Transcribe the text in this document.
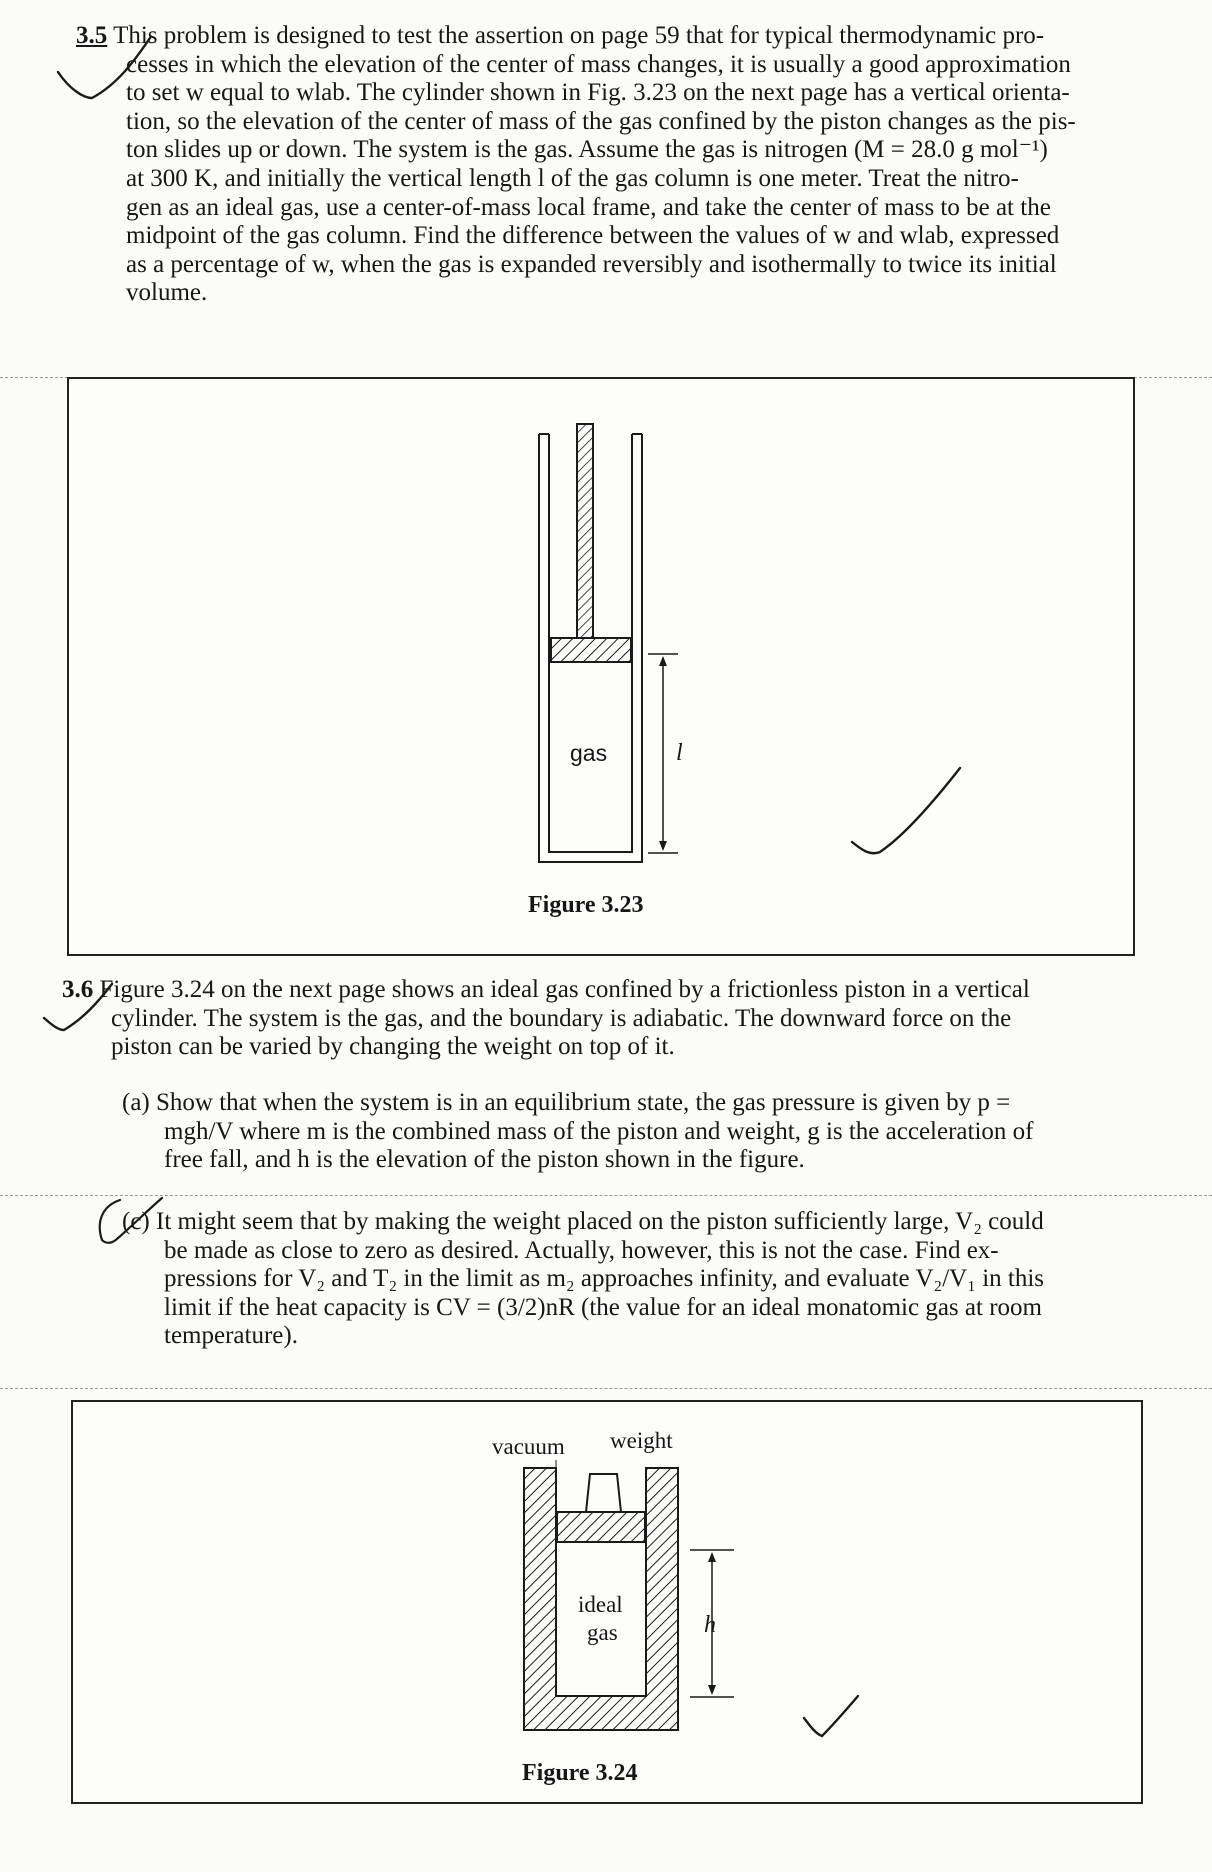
3.5 This problem is designed to test the assertion on page 59 that for typical thermodynamic pro-
cesses in which the elevation of the center of mass changes, it is usually a good approximation
to set w equal to wlab. The cylinder shown in Fig. 3.23 on the next page has a vertical orienta-
tion, so the elevation of the center of mass of the gas confined by the piston changes as the pis-
ton slides up or down. The system is the gas. Assume the gas is nitrogen (M = 28.0 g mol⁻¹)
at 300 K, and initially the vertical length l of the gas column is one meter. Treat the nitro-
gen as an ideal gas, use a center-of-mass local frame, and take the center of mass to be at the
midpoint of the gas column. Find the difference between the values of w and wlab, expressed
as a percentage of w, when the gas is expanded reversibly and isothermally to twice its initial
volume.
gas	l
Figure 3.23
3.6 Figure 3.24 on the next page shows an ideal gas confined by a frictionless piston in a vertical
cylinder. The system is the gas, and the boundary is adiabatic. The downward force on the
piston can be varied by changing the weight on top of it.
(a) Show that when the system is in an equilibrium state, the gas pressure is given by p =
mgh/V where m is the combined mass of the piston and weight, g is the acceleration of
free fall, and h is the elevation of the piston shown in the figure.
(c) It might seem that by making the weight placed on the piston sufficiently large, V₂ could
be made as close to zero as desired. Actually, however, this is not the case. Find ex-
pressions for V₂ and T₂ in the limit as m₂ approaches infinity, and evaluate V₂/V₁ in this
limit if the heat capacity is CV = (3/2)nR (the value for an ideal monatomic gas at room
temperature).
vacuum weight
ideal
gas	h
Figure 3.24
